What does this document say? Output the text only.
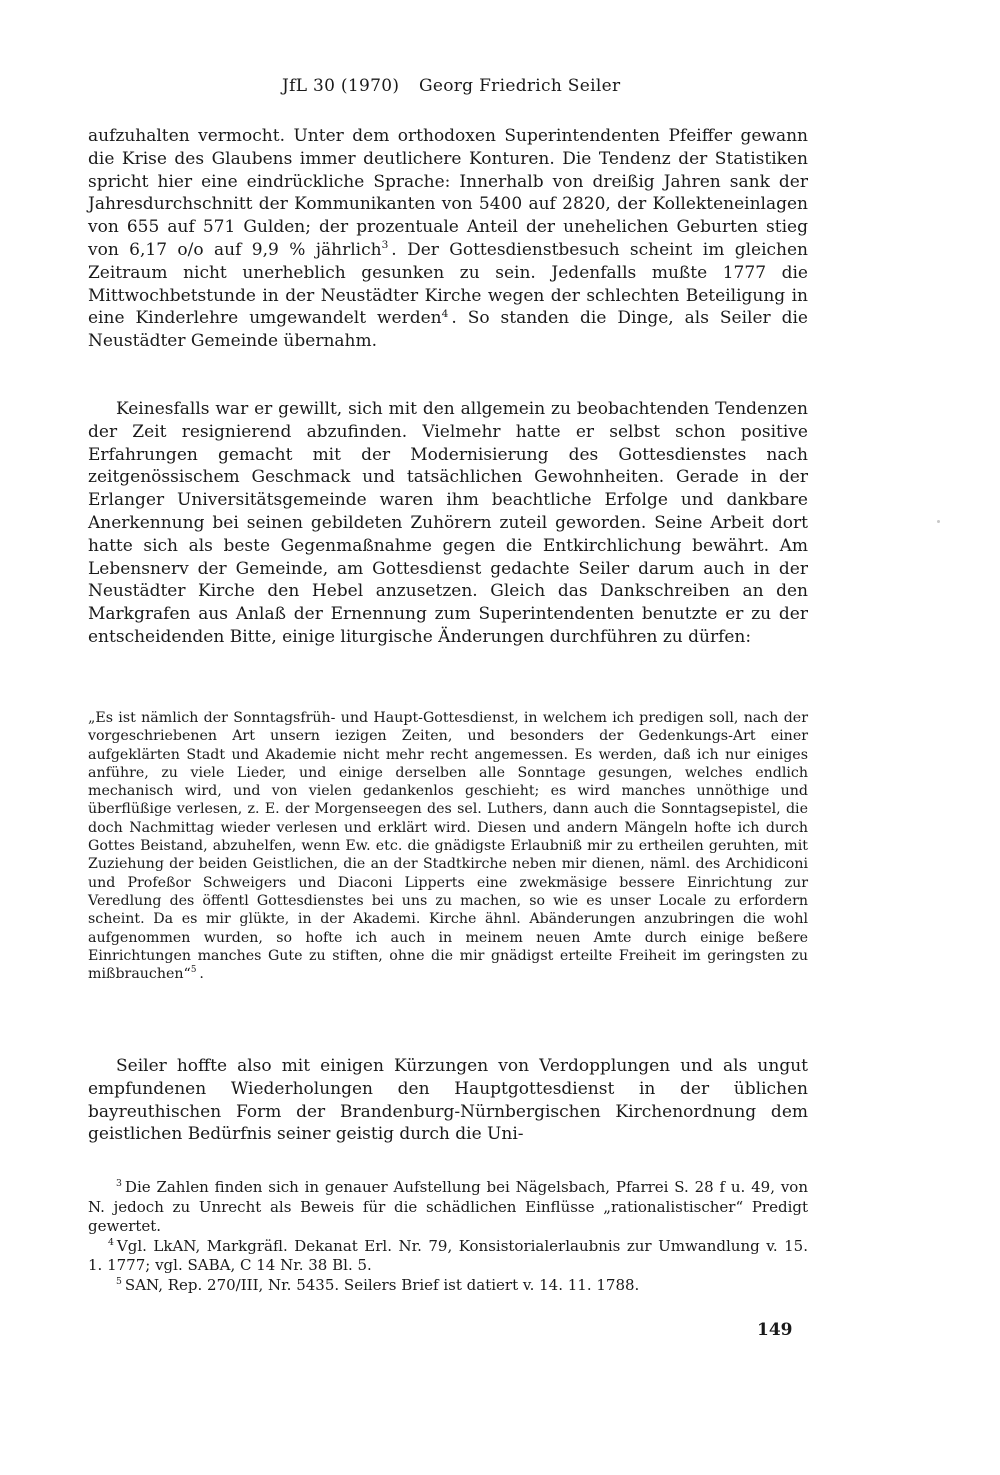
JfL 30 (1970) Georg Friedrich Seiler

aufzuhalten vermocht. Unter dem orthodoxen Superintendenten Pfeiffer gewann die Krise des Glaubens immer deutlichere Konturen. Die Tendenz der Statistiken spricht hier eine eindrückliche Sprache: Innerhalb von dreißig Jahren sank der Jahresdurchschnitt der Kommunikanten von 5400 auf 2820, der Kollekteneinlagen von 655 auf 571 Gulden; der prozentuale Anteil der unehelichen Geburten stieg von 6,17 o/o auf 9,9 % jährlich$^3$ . Der Gottesdienstbesuch scheint im gleichen Zeitraum nicht unerheblich gesunken zu sein. Jedenfalls mußte 1777 die Mittwochbetstunde in der Neustädter Kirche wegen der schlechten Beteiligung in eine Kinderlehre umgewandelt werden$^4$ . So standen die Dinge, als Seiler die Neustädter Gemeinde übernahm.

Keinesfalls war er gewillt, sich mit den allgemein zu beobachtenden Tendenzen der Zeit resignierend abzufinden. Vielmehr hatte er selbst schon positive Erfahrungen gemacht mit der Modernisierung des Gottesdienstes nach zeitgenössischem Geschmack und tatsächlichen Gewohnheiten. Gerade in der Erlanger Universitätsgemeinde waren ihm beachtliche Erfolge und dankbare Anerkennung bei seinen gebildeten Zuhörern zuteil geworden. Seine Arbeit dort hatte sich als beste Gegenmaßnahme gegen die Entkirchlichung bewährt. Am Lebensnerv der Gemeinde, am Gottesdienst gedachte Seiler darum auch in der Neustädter Kirche den Hebel anzusetzen. Gleich das Dankschreiben an den Markgrafen aus Anlaß der Ernennung zum Superintendenten benutzte er zu der entscheidenden Bitte, einige liturgische Änderungen durchführen zu dürfen:

„Es ist nämlich der Sonntagsfrüh- und Haupt-Gottesdienst, in welchem ich predigen soll, nach der vorgeschriebenen Art unsern iezigen Zeiten, und besonders der Gedenkungs-Art einer aufgeklärten Stadt und Akademie nicht mehr recht angemessen. Es werden, daß ich nur einiges anführe, zu viele Lieder, und einige derselben alle Sonntage gesungen, welches endlich mechanisch wird, und von vielen gedankenlos geschieht; es wird manches unnöthige und überflüßige verlesen, z. E. der Morgenseegen des sel. Luthers, dann auch die Sonntagsepistel, die doch Nachmittag wieder verlesen und erklärt wird. Diesen und andern Mängeln hofte ich durch Gottes Beistand, abzuhelfen, wenn Ew. etc. die gnädigste Erlaubniß mir zu ertheilen geruhten, mit Zuziehung der beiden Geistlichen, die an der Stadtkirche neben mir dienen, näml. des Archidiconi und Profeßor Schweigers und Diaconi Lipperts eine zwekmäsige bessere Einrichtung zur Veredlung des öffentl Gottesdienstes bei uns zu machen, so wie es unser Locale zu erfordern scheint. Da es mir glükte, in der Akademi. Kirche ähnl. Abänderungen anzubringen die wohl aufgenommen wurden, so hofte ich auch in meinem neuen Amte durch einige beßere Einrichtungen manches Gute zu stiften, ohne die mir gnädigst erteilte Freiheit im geringsten zu mißbrauchen“$^5$ .

Seiler hoffte also mit einigen Kürzungen von Verdopplungen und als ungut empfundenen Wiederholungen den Hauptgottesdienst in der üblichen bayreuthischen Form der Brandenburg-Nürnbergischen Kirchenordnung dem geistlichen Bedürfnis seiner geistig durch die Uni-

$^3$ Die Zahlen finden sich in genauer Aufstellung bei Nägelsbach, Pfarrei S. 28 f u. 49, von N. jedoch zu Unrecht als Beweis für die schädlichen Einflüsse „rationalistischer“ Predigt gewertet.

$^4$ Vgl. LkAN, Markgräfl. Dekanat Erl. Nr. 79, Konsistorialerlaubnis zur Umwandlung v. 15. 1. 1777; vgl. SABA, C 14 Nr. 38 Bl. 5.

$^5$ SAN, Rep. 270/III, Nr. 5435. Seilers Brief ist datiert v. 14. 11. 1788.

149
